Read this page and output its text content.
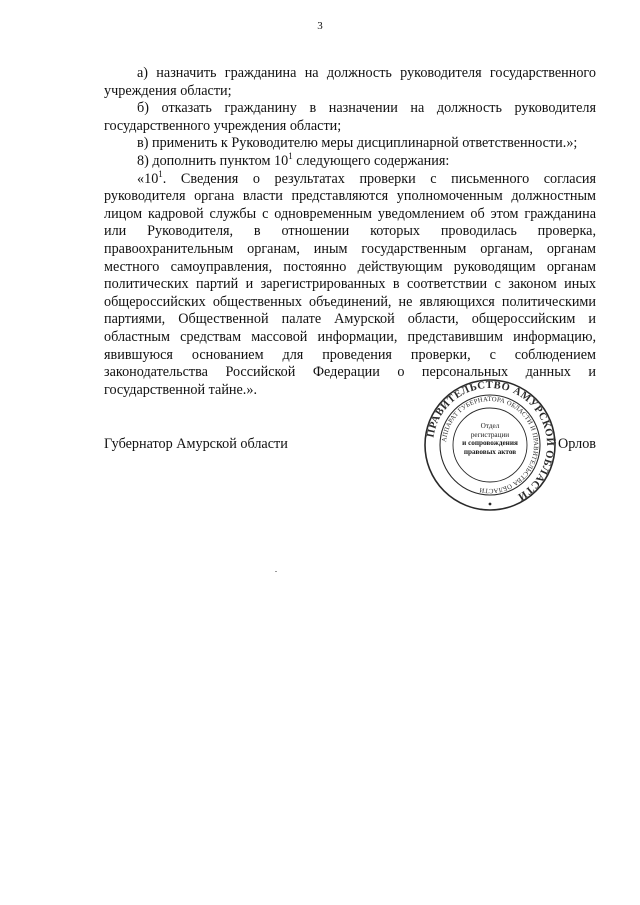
3

а) назначить гражданина на должность руководителя государственного учреждения области;

б) отказать гражданину в назначении на должность руководителя государственного учреждения области;

в) применить к Руководителю меры дисциплинарной ответственности.»;

8) дополнить пунктом 10$^1$ следующего содержания:

«10$^1$. Сведения о результатах проверки с письменного согласия руководителя органа власти представляются уполномоченным должностным лицом кадровой службы с одновременным уведомлением об этом гражданина или Руководителя, в отношении которых проводилась проверка, правоохранительным органам, иным государственным органам, органам местного самоуправления, постоянно действующим руководящим органам политических партий и зарегистрированных в соответствии с законом иных общероссийских общественных объединений, не являющихся политическими партиями, Общественной палате Амурской области, общероссийским и областным средствам массовой информации, представившим информацию, явившуюся основанием для проведения проверки, с соблюдением законодательства Российской Федерации о персональных данных и государственной тайне.».

Губернатор Амурской области	Орлов
ПРАВИТЕЛЬСТВО АМУРСКОЙ ОБЛАСТИ
АППАРАТ ГУБЕРНАТОРА ОБЛАСТИ И ПРАВИТЕЛЬСТВА ОБЛАСТИ
Отдел
регистрации
и сопровождения
правовых актов
